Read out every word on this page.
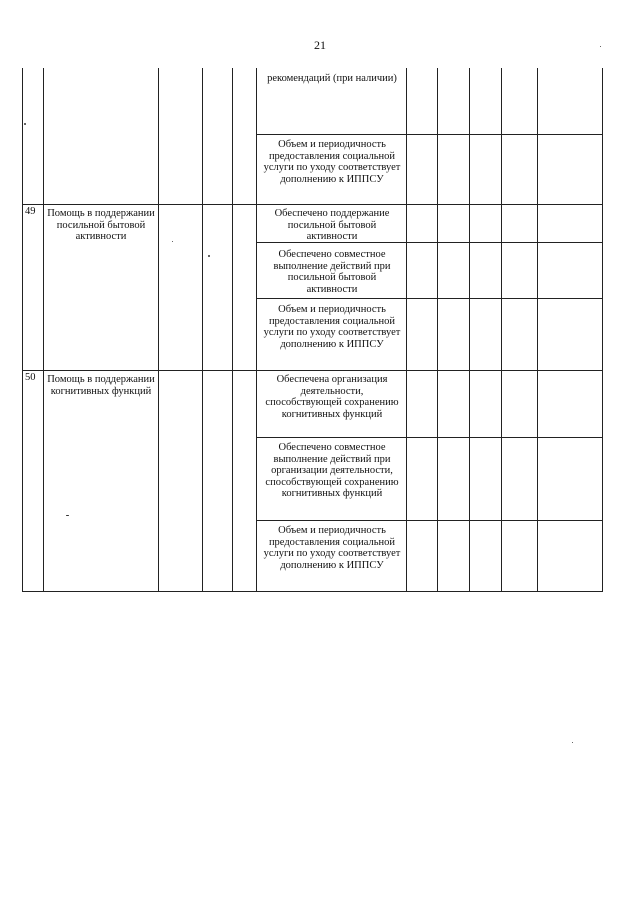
21
рекомендаций (при наличии)
Объем и периодичность предоставления социальной услуги по уходу соответствует дополнению к ИППСУ
49 Помощь в поддержании посильной бытовой активности
Обеспечено поддержание посильной бытовой активности
Обеспечено совместное выполнение действий при посильной бытовой активности
Объем и периодичность предоставления социальной услуги по уходу соответствует дополнению к ИППСУ
50 Помощь в поддержании когнитивных функций
Обеспечена организация деятельности, способствующей сохранению когнитивных функций
Обеспечено совместное выполнение действий при организации деятельности, способствующей сохранению когнитивных функций
Объем и периодичность предоставления социальной услуги по уходу соответствует дополнению к ИППСУ
